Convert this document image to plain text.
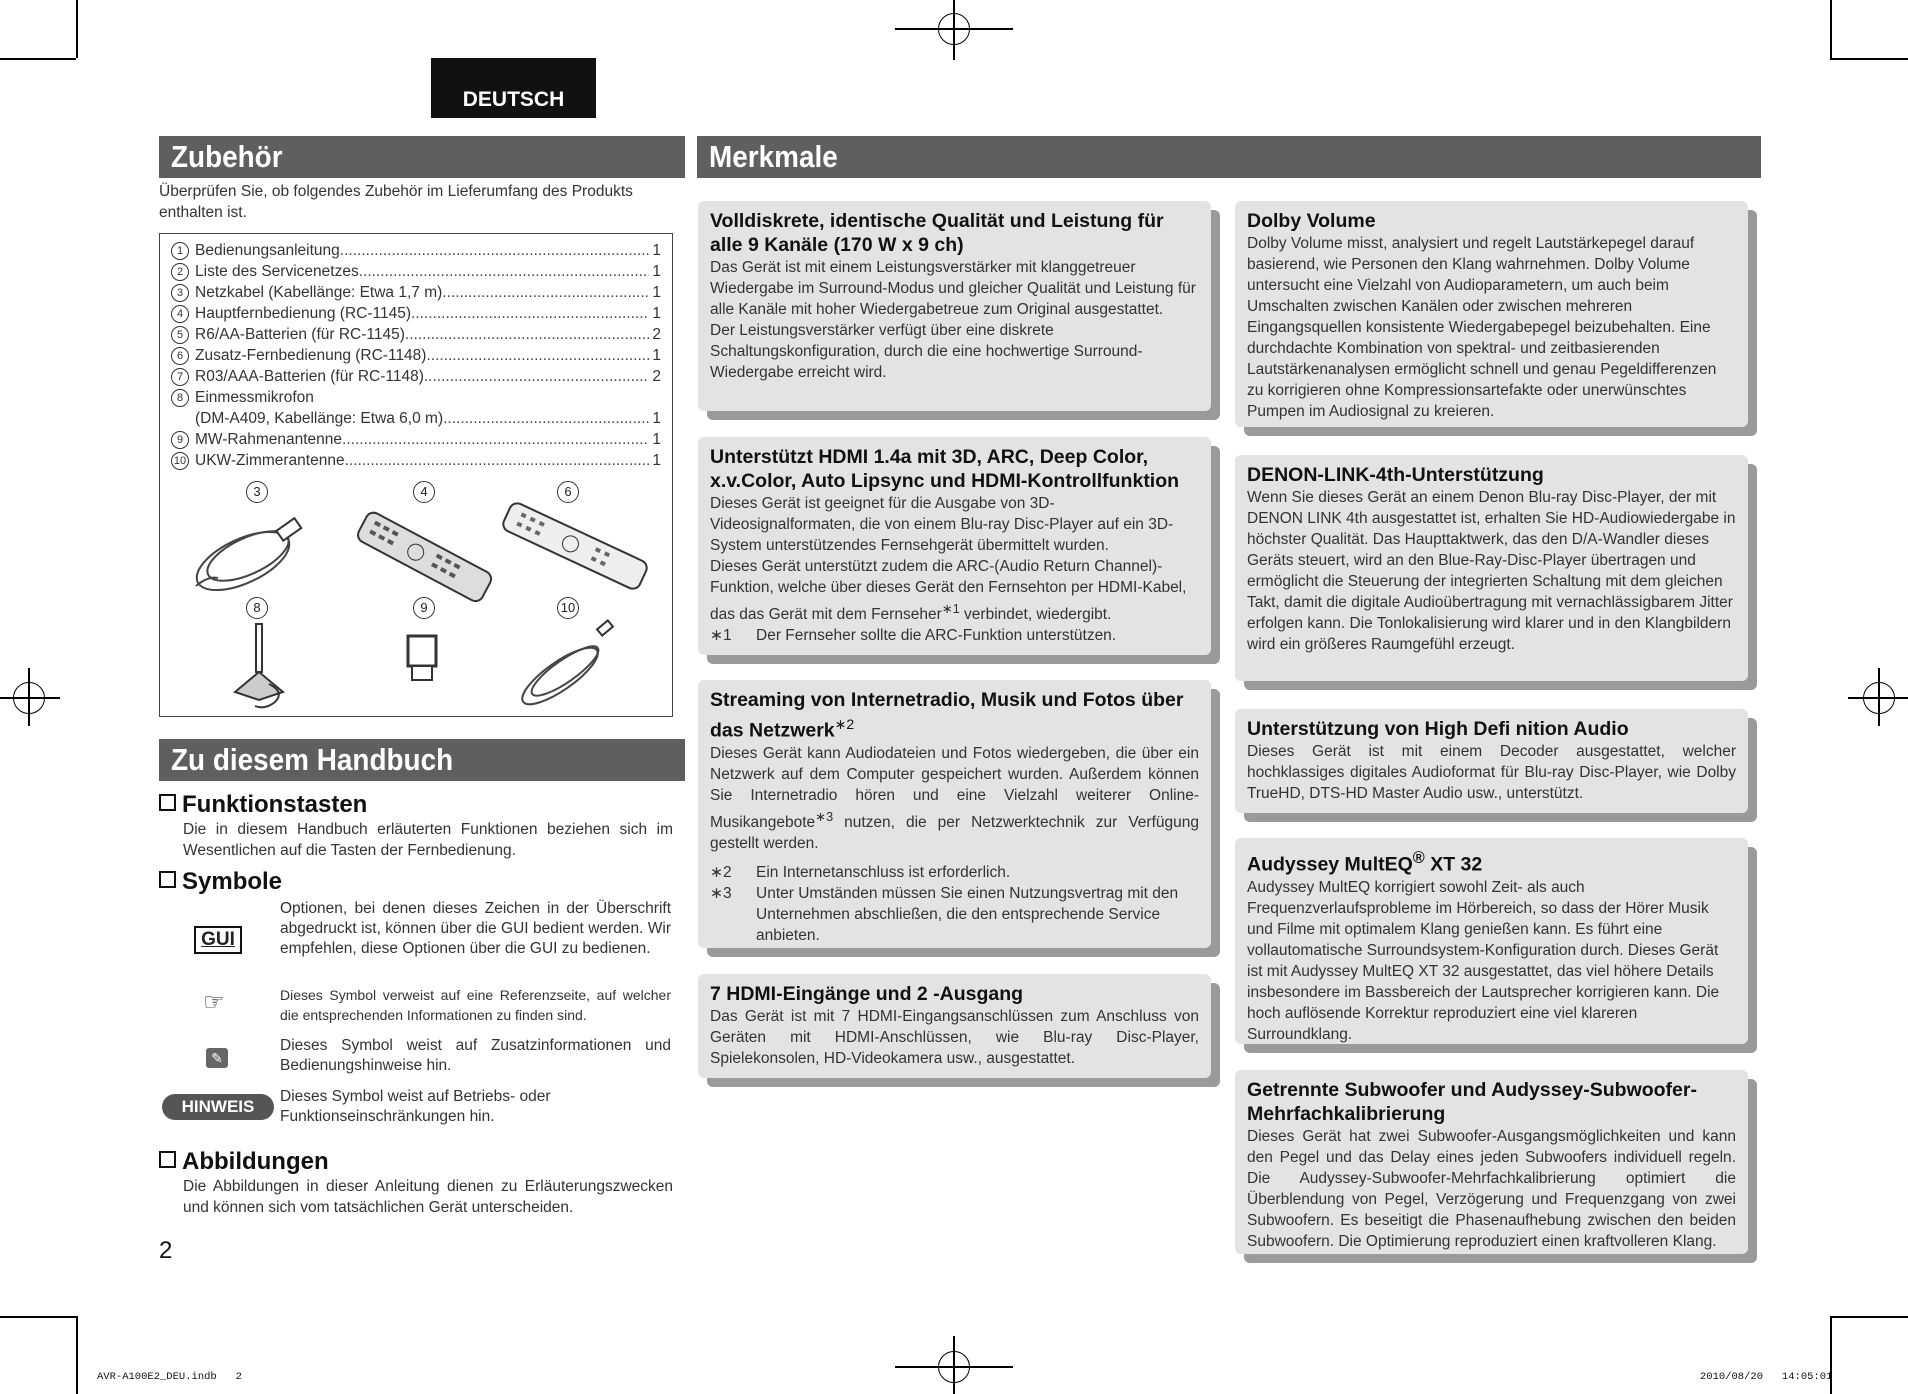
DEUTSCH
Zubehör
Überprüfen Sie, ob folgendes Zubehör im Lieferumfang des Produkts enthalten ist.
1 Bedienungsanleitung .....	1
2 Liste des Servicenetzes .....	1
3 Netzkabel (Kabellänge: Etwa 1,7 m) .....	1
4 Hauptfernbedienung (RC-1145) .....	1
5 R6/AA-Batterien (für RC-1145) .....	2
6 Zusatz-Fernbedienung (RC-1148) .....	1
7 R03/AAA-Batterien (für RC-1148) .....	2
8 Einmessmikrofon
(DM-A409, Kabellänge: Etwa 6,0 m) .....	1
9 MW-Rahmenantenne .....	1
10 UKW-Zimmerantenne .....	1
3	4	6
8	9	10
Zu diesem Handbuch
Funktionstasten
Die in diesem Handbuch erläuterten Funktionen beziehen sich im Wesentlichen auf die Tasten der Fernbedienung.
Symbole
GUI
Optionen, bei denen dieses Zeichen in der Überschrift abgedruckt ist, können über die GUI bedient werden. Wir empfehlen, diese Optionen über die GUI zu bedienen.
☞	Dieses Symbol verweist auf eine Referenzseite, auf welcher die entsprechenden Informationen zu finden sind.
✎
Dieses Symbol weist auf Zusatzinformationen und Bedienungshinweise hin.
HINWEIS
Dieses Symbol weist auf Betriebs- oder Funktionseinschränkungen hin.
Abbildungen
Die Abbildungen in dieser Anleitung dienen zu Erläuterungszwecken und können sich vom tatsächlichen Gerät unterscheiden.
2
Merkmale
Volldiskrete, identische Qualität und Leistung für alle 9 Kanäle (170 W x 9 ch)

Das Gerät ist mit einem Leistungsverstärker mit klanggetreuer Wiedergabe im Surround-Modus und gleicher Qualität und Leistung für alle Kanäle mit hoher Wiedergabetreue zum Original ausgestattet.

Der Leistungsverstärker verfügt über eine diskrete Schaltungskonfiguration, durch die eine hochwertige Surround-Wiedergabe erreicht wird.

Unterstützt HDMI 1.4a mit 3D, ARC, Deep Color, x.v.Color, Auto Lipsync und HDMI-Kontrollfunktion

Dieses Gerät ist geeignet für die Ausgabe von 3D-Videosignalformaten, die von einem Blu-ray Disc-Player auf ein 3D-System unterstützendes Fernsehgerät übermittelt wurden.

Dieses Gerät unterstützt zudem die ARC-(Audio Return Channel)-Funktion, welche über dieses Gerät den Fernsehton per HDMI-Kabel, das das Gerät mit dem Fernseher$^{∗1}$ verbindet, wiedergibt.

∗1	Der Fernseher sollte die ARC-Funktion unterstützen.
Streaming von Internetradio, Musik und Fotos über das Netzwerk$^{∗2}$

Dieses Gerät kann Audiodateien und Fotos wiedergeben, die über ein Netzwerk auf dem Computer gespeichert wurden. Außerdem können Sie Internetradio hören und eine Vielzahl weiterer Online-Musikangebote$^{∗3}$ nutzen, die per Netzwerktechnik zur Verfügung gestellt werden.

∗2	Ein Internetanschluss ist erforderlich.
∗3	Unter Umständen müssen Sie einen Nutzungsvertrag mit den Unternehmen abschließen, die den entsprechende Service anbieten.
7 HDMI-Eingänge und 2 -Ausgang

Das Gerät ist mit 7 HDMI-Eingangsanschlüssen zum Anschluss von Geräten mit HDMI-Anschlüssen, wie Blu-ray Disc-Player, Spielekonsolen, HD-Videokamera usw., ausgestattet.

Dolby Volume

Dolby Volume misst, analysiert und regelt Lautstärkepegel darauf basierend, wie Personen den Klang wahrnehmen. Dolby Volume untersucht eine Vielzahl von Audioparametern, um auch beim Umschalten zwischen Kanälen oder zwischen mehreren Eingangsquellen konsistente Wiedergabepegel beizubehalten. Eine durchdachte Kombination von spektral- und zeitbasierenden Lautstärkenanalysen ermöglicht schnell und genau Pegeldifferenzen zu korrigieren ohne Kompressionsartefakte oder unerwünschtes Pumpen im Audiosignal zu kreieren.

DENON-LINK-4th-Unterstützung

Wenn Sie dieses Gerät an einem Denon Blu-ray Disc-Player, der mit DENON LINK 4th ausgestattet ist, erhalten Sie HD-Audiowiedergabe in höchster Qualität. Das Haupttaktwerk, das den D/A-Wandler dieses Geräts steuert, wird an den Blue-Ray-Disc-Player übertragen und ermöglicht die Steuerung der integrierten Schaltung mit dem gleichen Takt, damit die digitale Audioübertragung mit vernachlässigbarem Jitter erfolgen kann. Die Tonlokalisierung wird klarer und in den Klangbildern wird ein größeres Raumgefühl erzeugt.

Unterstützung von High Defi nition Audio

Dieses Gerät ist mit einem Decoder ausgestattet, welcher hochklassiges digitales Audioformat für Blu-ray Disc-Player, wie Dolby TrueHD, DTS-HD Master Audio usw., unterstützt.

Audyssey MultEQ® XT 32

Audyssey MultEQ korrigiert sowohl Zeit- als auch Frequenzverlaufsprobleme im Hörbereich, so dass der Hörer Musik und Filme mit optimalem Klang genießen kann. Es führt eine vollautomatische Surroundsystem-Konfiguration durch. Dieses Gerät ist mit Audyssey MultEQ XT 32 ausgestattet, das viel höhere Details insbesondere im Bassbereich der Lautsprecher korrigieren kann. Die hoch auflösende Korrektur reproduziert eine viel klareren Surroundklang.

Getrennte Subwoofer und Audyssey-Subwoofer-Mehrfachkalibrierung

Dieses Gerät hat zwei Subwoofer-Ausgangsmöglichkeiten und kann den Pegel und das Delay eines jeden Subwoofers individuell regeln. Die Audyssey-Subwoofer-Mehrfachkalibrierung optimiert die Überblendung von Pegel, Verzögerung und Frequenzgang von zwei Subwoofern. Es beseitigt die Phasenaufhebung zwischen den beiden Subwoofern. Die Optimierung reproduziert einen kraftvolleren Klang.

AVR-A100E2_DEU.indb   2	2010/08/20   14:05:01
